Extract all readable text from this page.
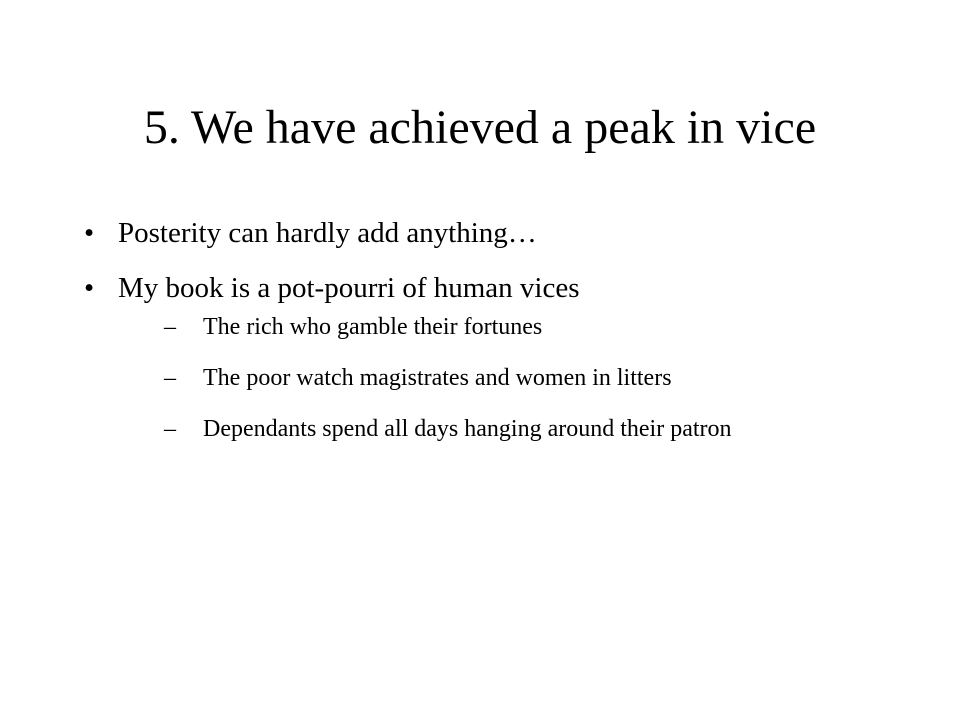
5. We have achieved a peak in vice
• Posterity can hardly add anything…
• My book is a pot-pourri of human vices
–	The rich who gamble their fortunes
–	The poor watch magistrates and women in litters
–	Dependants spend all days hanging around their patron
